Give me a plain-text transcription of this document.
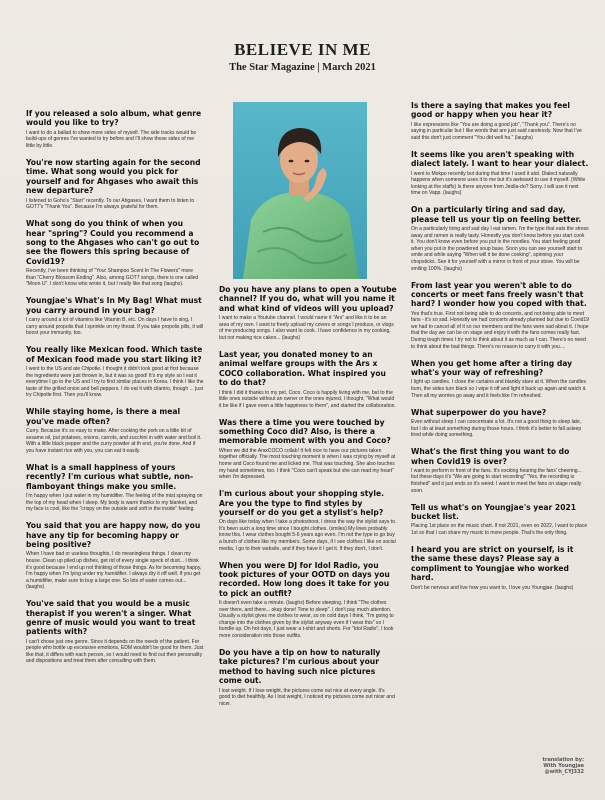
BELIEVE IN ME

The Star Magazine | March 2021

If you released a solo album, what genre would you like to try?

I want to do a ballad to show more sides of myself. The side tracks would be build-ups of genres I've wanted to try before and I'll show those sides of me little by little.

You're now starting again for the second time. What song would you pick for yourself and for Ahgases who await this new departure?

I listened to Goho's "Start" recently. To our Ahgases, I want them to listen to GOT7's "Thank You". Because I'm always grateful for them.

What song do you think of when you hear "spring"? Could you recommend a song to the Ahgases who can't go out to see the flowers this spring because of Covid19?

Recently, I've been thinking of "Your Shampoo Scent In The Flowers" more than "Cherry Blossom Ending". Also, among GOT7 songs, there is one called "Moon U". I don't know who wrote it, but I really like that song (laughs).

Youngjae's What's In My Bag! What must you carry around in your bag?

I carry around a lot of vitamins like Vitamin B, etc. On days I have to sing, I carry around propolis that I sprinkle on my throat. If you take propolis pills, it will boost your immunity, too.

You really like Mexican food. Which taste of Mexican food made you start liking it?

I went to the US and ate Chipotle. I thought it didn't look good at first because the ingredients were just thrown in, but it was so good! It's my style so I eat it everytime I go to the US and I try to find similar places in Korea. I think I like the taste of the grilled onion and bell peppers. I do eat it with cilantro, though ... just try Chipotle first. Then you'll know.

While staying home, is there a meal you've made often?

Curry. Because it's so easy to make. After cooking the pork on a little bit of sesame oil, put potatoes, onions, carrots, and zucchini in with water and boil it. With a little black pepper and the curry powder at th end, you're done. And if you have instant rice with you, you can eat it easily.

What is a small happiness of yours recently? I'm curious what subtle, non-flamboyant things make you smile.

I'm happy when I put water in my humidifier. The feeling of the mist spraying on the top of my head when I sleep. My body is warm thanks to my blanket, and my face is cool, like the "crispy on the outside and soft in the inside" feeling.

You said that you are happy now, do you have any tip for becoming happy or being positive?

When I have bad or useless thoughts, I do meaningless things. I clean my house. Clean up piled up dishes, get rid of every single speck of dust... I think it's good because I end up not thinking of those things. As for becoming happy, I'm happy when I'm lying under my humidifier. I always dry it off well. If you get a humidifier, make sure to buy a large one. So lots of water comes out... (laughs)

You've said that you would be a music therapist if you weren't a singer. What genre of music would you want to treat patients with?

I can't chose just one genre. Since it depends on the needs of the patient. For people who bottle up excessive emotions, EDM wouldn't be good for them. Just like that, it differs with each person, so I would need to find out their personality and dispositions and treat them after consulting with them.

Do you have any plans to open a Youtube channel? If you do, what will you name it and what kind of videos will you upload?

I want to make a Youtube channel. I would name it "Ars" and like it to be an area of my own. I want to freely upload my covers or songs I produce, or vlogs of me producing songs. I also want to cook. I have confidence in my cooking, but not making rice cakes... (laughs)

Last year, you donated money to an animal welfare groups with the Ars x COCO collaboration. What inspired you to do that?

I think I did it thanks to my pet, Coco. Coco is happily living with me, but to the little ones outside without an owner or the ones injured, I thought, "What would it be like if I gave even a little happiness to them", and started the collaboration.

Was there a time you were touched by something Coco did? Also, is there a memorable moment with you and Coco?

When we did the ArsxCOCO collab! It felt nice to have our pictures taken together officially. The most touching moment is when I was crying by myself at home and Coco found me and licked me. That was touching. She also touches my hand sometimes, too. I think "Coco can't speak but she can read my heart" when I'm depressed.

I'm curious about your shopping style. Are you the type to find styles by yourself or do you get a stylist's help?

On days like today when I take a photoshoot, I dress the way the stylist says to. It's been such a long time since I bought clothes. (smiles) My lines probably know this. I wear clothes bought 5-6 years ago even. I'm not the type to go buy a bunch of clothes like my members. Some days, if I see clothes I like on social media, I go to their website, and if they have it I get it. If they don't, I don't.

When you were DJ for Idol Radio, you took pictures of your OOTD on days you recorded. How long does it take for you to pick an outfit?

It doesn't even take a minute. (laughs) Before sleeping, I think "The clothes over there, and there... okay done! Time to sleep". I don't pay much attention. Usually a stylist gives me clothes to wear, so on cold days I think, "I'm going to change into the clothes given by the stylist anyway even if I wear this" so I bundle up. On hot days, I just wear a t-shirt and shorts. For "Idol Radio", I took more consideration into those outfits.

Do you have a tip on how to naturally take pictures? I'm curious about your method to having such nice pictures come out.

I lost weight. If I lose weight, the pictures come out nice at every angle. It's good to diet healthily. As I lost weight, I noticed my pictures come out nicer and nicer.

Is there a saying that makes you feel good or happy when you hear it?

I like expressions like "You are doing a good job", "Thank you". There's no saying in particular but I like words that are just said carelessly. Now that I've said this don't just comment "You did well ha." (laughs)

It seems like you aren't speaking with dialect lately. I want to hear your dialect.

I went to Mokpo recently but during that time I used it alot. Dialect naturally happens when someone uses it to me but it's awkward to use it myself. (While looking at the staffs) Is there anyone from Jeolla-do? Sorry. I will use it next time on Vapp. (laughs)

On a particularly tiring and sad day, please tell us your tip on feeling better.

On a particularly tiring and sad day I eat ramen. I'm the type that eats the stress away and ramen is really tasty. Honestly you don't know before you start cook it. You don't know even before you put in the noodles. You start feeling good when you put in the powdered soup base. Soon you can see yourself start to smile and while saying "When will it be done cooking", spinning your chopsticks. See it for yourself with a mirror in front of your stove. You will be smiling 100%. (laughs)

From last year you weren't able to do concerts or meet fans freely wasn't that hard? I wonder how you coped with that.

Yes that's true. First not being able to do concerts, and not being able to meet fans - it's so sad. Honestly we had concerts already planned but due to Covid19 we had to cancel all of it so our members and the fans were sad about it. I hope that the day we can be on stage and enjoy it with the fans comes really fast. During tough times I try not to think about it as much as I can. There's no need to think about the bad things. There's no reason to carry it with you....

When you get home after a tiring day what's your way of refreshing?

I light up candles. I close the curtains and blankly stare at it. When the candles burn, the sides turn black so I wipe it off and light it back up again and watch it. Then all my worries go away and it feels like I'm refreshed.

What superpower do you have?

Even without sleep I can concentrate a lot. It's not a good thing to sleep late, but I do at least something during those hours. I think it's better to fall asleep tired while doing something.

What's the first thing you want to do when Covid19 is over?

I want to perform in front of the fans. It's exciting hearing the fans' cheering... but these days it's "We are going to start recording" "Yes, the recording is finished" and it just ends so it's weird. I want to meet the fans on stage really soon.

Tell us what's on Youngjae's year 2021 bucket list.

Placing 1st place on the music chart. If not 2021, even on 2022, I want to place 1st so that I can share my music to more people. That's the only thing.

I heard you are strict on yourself, is it the same these days? Please say a compliment to Youngjae who worked hard.

Don't be nervous and live how you want to, I love you Youngjae. (laughs)

translation by:
With Youngjae
@with_CYJ332
